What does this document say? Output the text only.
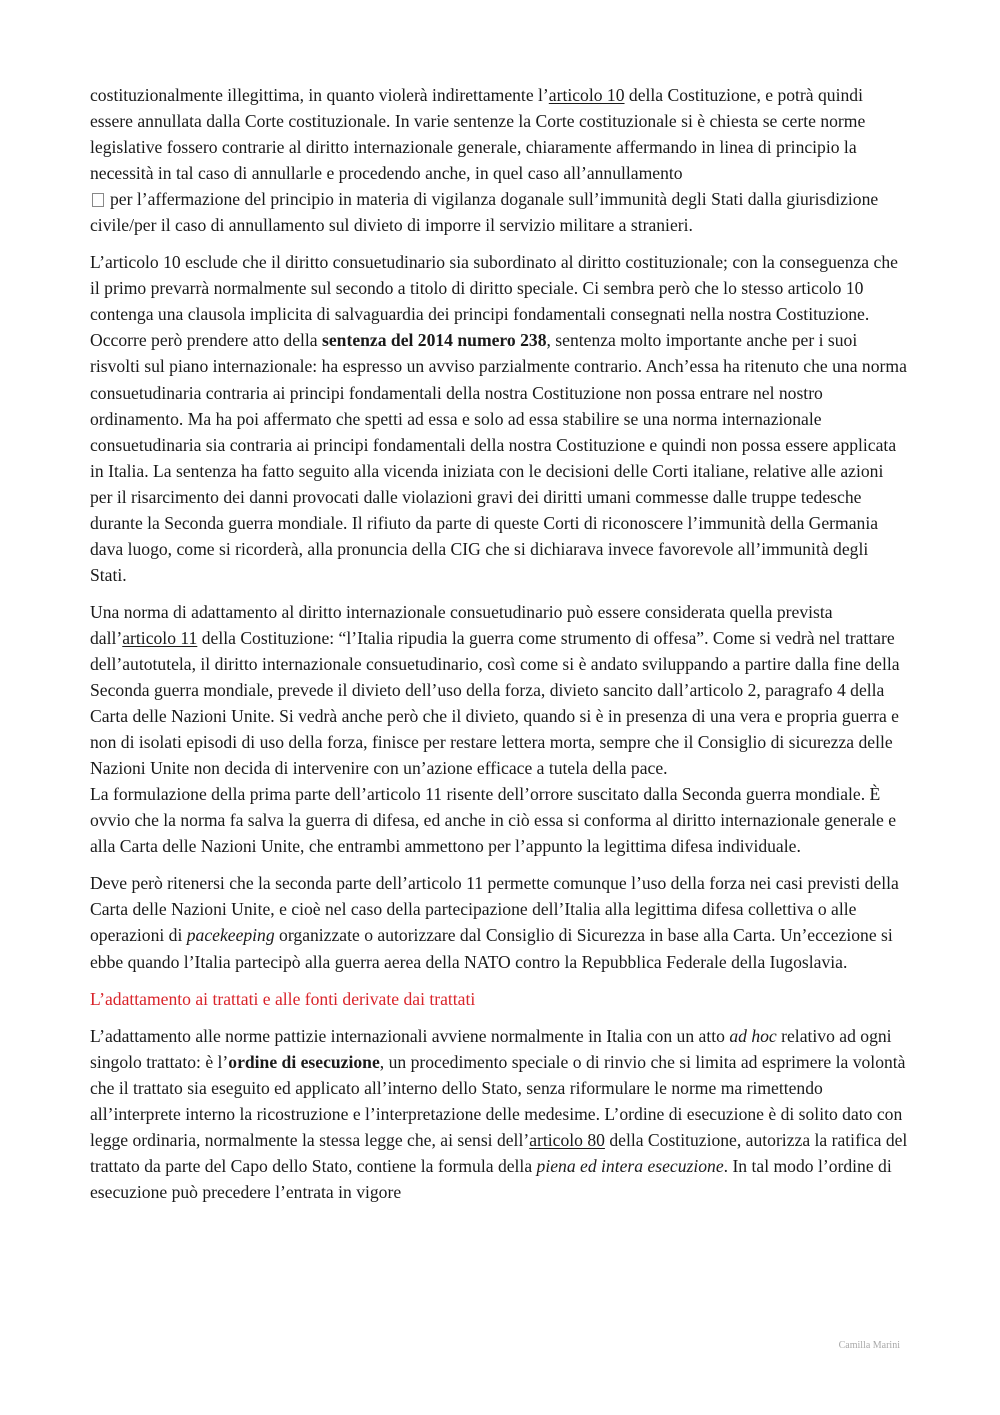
costituzionalmente illegittima, in quanto violerà indirettamente l’articolo 10 della Costituzione, e potrà quindi essere annullata dalla Corte costituzionale. In varie sentenze la Corte costituzionale si è chiesta se certe norme legislative fossero contrarie al diritto internazionale generale, chiaramente affermando in linea di principio la necessità in tal caso di annullarle e procedendo anche, in quel caso all’annullamento
per l’affermazione del principio in materia di vigilanza doganale sull’immunità degli Stati dalla giurisdizione civile/per il caso di annullamento sul divieto di imporre il servizio militare a stranieri.

L’articolo 10 esclude che il diritto consuetudinario sia subordinato al diritto costituzionale; con la conseguenza che il primo prevarrà normalmente sul secondo a titolo di diritto speciale. Ci sembra però che lo stesso articolo 10 contenga una clausola implicita di salvaguardia dei principi fondamentali consegnati nella nostra Costituzione. Occorre però prendere atto della sentenza del 2014 numero 238, sentenza molto importante anche per i suoi risvolti sul piano internazionale: ha espresso un avviso parzialmente contrario. Anch’essa ha ritenuto che una norma consuetudinaria contraria ai principi fondamentali della nostra Costituzione non possa entrare nel nostro ordinamento. Ma ha poi affermato che spetti ad essa e solo ad essa stabilire se una norma internazionale consuetudinaria sia contraria ai principi fondamentali della nostra Costituzione e quindi non possa essere applicata in Italia. La sentenza ha fatto seguito alla vicenda iniziata con le decisioni delle Corti italiane, relative alle azioni per il risarcimento dei danni provocati dalle violazioni gravi dei diritti umani commesse dalle truppe tedesche durante la Seconda guerra mondiale. Il rifiuto da parte di queste Corti di riconoscere l’immunità della Germania dava luogo, come si ricorderà, alla pronuncia della CIG che si dichiarava invece favorevole all’immunità degli Stati.

Una norma di adattamento al diritto internazionale consuetudinario può essere considerata quella prevista dall’articolo 11 della Costituzione: “l’Italia ripudia la guerra come strumento di offesa”. Come si vedrà nel trattare dell’autotutela, il diritto internazionale consuetudinario, così come si è andato sviluppando a partire dalla fine della Seconda guerra mondiale, prevede il divieto dell’uso della forza, divieto sancito dall’articolo 2, paragrafo 4 della Carta delle Nazioni Unite. Si vedrà anche però che il divieto, quando si è in presenza di una vera e propria guerra e non di isolati episodi di uso della forza, finisce per restare lettera morta, sempre che il Consiglio di sicurezza delle Nazioni Unite non decida di intervenire con un’azione efficace a tutela della pace.
La formulazione della prima parte dell’articolo 11 risente dell’orrore suscitato dalla Seconda guerra mondiale. È ovvio che la norma fa salva la guerra di difesa, ed anche in ciò essa si conforma al diritto internazionale generale e alla Carta delle Nazioni Unite, che entrambi ammettono per l’appunto la legittima difesa individuale.

Deve però ritenersi che la seconda parte dell’articolo 11 permette comunque l’uso della forza nei casi previsti della Carta delle Nazioni Unite, e cioè nel caso della partecipazione dell’Italia alla legittima difesa collettiva o alle operazioni di pacekeeping organizzate o autorizzare dal Consiglio di Sicurezza in base alla Carta. Un’eccezione si ebbe quando l’Italia partecipò alla guerra aerea della NATO contro la Repubblica Federale della Iugoslavia.

L’adattamento ai trattati e alle fonti derivate dai trattati

L’adattamento alle norme pattizie internazionali avviene normalmente in Italia con un atto ad hoc relativo ad ogni singolo trattato: è l’ordine di esecuzione, un procedimento speciale o di rinvio che si limita ad esprimere la volontà che il trattato sia eseguito ed applicato all’interno dello Stato, senza riformulare le norme ma rimettendo all’interprete interno la ricostruzione e l’interpretazione delle medesime. L’ordine di esecuzione è di solito dato con legge ordinaria, normalmente la stessa legge che, ai sensi dell’articolo 80 della Costituzione, autorizza la ratifica del trattato da parte del Capo dello Stato, contiene la formula della piena ed intera esecuzione. In tal modo l’ordine di esecuzione può precedere l’entrata in vigore

Camilla Marini
